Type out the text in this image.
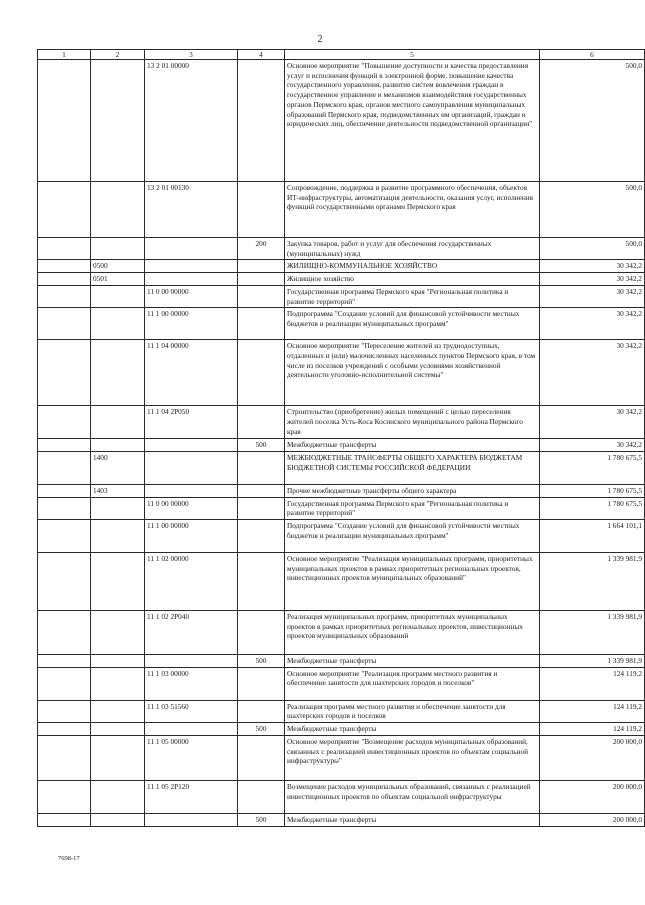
2
1	2	3	4	5	6
		13 2 01 00000		Основное мероприятие "Повышение доступности и качества предоставления услуг и исполнения функций в электронной форме, повышение качества государственного управления, развитие систем вовлечения граждан в государственное управление и механизмов взаимодействия государственных органов Пермского края, органов местного самоуправления муниципальных образований Пермского края, подведомственных им организаций, граждан и юридических лиц, обеспечение деятельности подведомственной организации"	500,0
		13 2 01 00130		Сопровождение, поддержка и развитие программного обеспечения, объектов ИТ-инфраструктуры, автоматизация деятельности, оказания услуг, исполнения функций государственными органами Пермского края	500,0
			200	Закупка товаров, работ и услуг для обеспечения государственных (муниципальных) нужд	500,0
	0500			ЖИЛИЩНО-КОММУНАЛЬНОЕ ХОЗЯЙСТВО	30 342,2
	0501			Жилищное хозяйство	30 342,2
		11 0 00 00000		Государственная программа Пермского края "Региональная политика и развитие территорий"	30 342,2
		11 1 00 00000		Подпрограмма "Создание условий для финансовой устойчивости местных бюджетов и реализации муниципальных программ"	30 342,2
		11 1 04 00000		Основное мероприятие "Переселение жителей из труднодоступных, отдаленных и (или) малочисленных населенных пунктов Пермского края, в том числе из поселков учреждений с особыми условиями хозяйственной деятельности уголовно-исполнительной системы"	30 342,2
		11 1 04 2Р050		Строительство (приобретение) жилых помещений с целью переселения жителей поселка Усть-Коса Косинского муниципального района Пермского края	30 342,2
			500	Межбюджетные трансферты	30 342,2
	1400			МЕЖБЮДЖЕТНЫЕ ТРАНСФЕРТЫ ОБЩЕГО ХАРАКТЕРА БЮДЖЕТАМ БЮДЖЕТНОЙ СИСТЕМЫ РОССИЙСКОЙ ФЕДЕРАЦИИ	1 780 675,5
	1403			Прочие межбюджетные трансферты общего характера	1 780 675,5
		11 0 00 00000		Государственная программа Пермского края "Региональная политика и развитие территорий"	1 780 675,5
		11 1 00 00000		Подпрограмма "Создание условий для финансовой устойчивости местных бюджетов и реализации муниципальных программ"	1 664 101,1
		11 1 02 00000		Основное мероприятие "Реализация муниципальных программ, приоритетных муниципальных проектов в рамках приоритетных региональных проектов, инвестиционных проектов муниципальных образований"	1 339 981,9
		11 1 02 2Р040		Реализация муниципальных программ, приоритетных муниципальных проектов в рамках приоритетных региональных проектов, инвестиционных проектов муниципальных образований	1 339 981,9
			500	Межбюджетные трансферты	1 339 981,9
		11 1 03 00000		Основное мероприятие "Реализация программ местного развития и обеспечение занятости для шахтерских городов и поселков"	124 119,2
		11 1 03 51560		Реализация программ местного развития и обеспечение занятости для шахтерских городов и поселков	124 119,2
			500	Межбюджетные трансферты	124 119,2
		11 1 05 00000		Основное мероприятие "Возмещение расходов муниципальных образований, связанных с реализацией инвестиционных проектов по объектам социальной инфраструктуры"	200 000,0
		11 1 05 2Р120		Возмещение расходов муниципальных образований, связанных с реализацией инвестиционных проектов по объектам социальной инфраструктуры	200 000,0
			500	Межбюджетные трансферты	200 000,0
7698-17
